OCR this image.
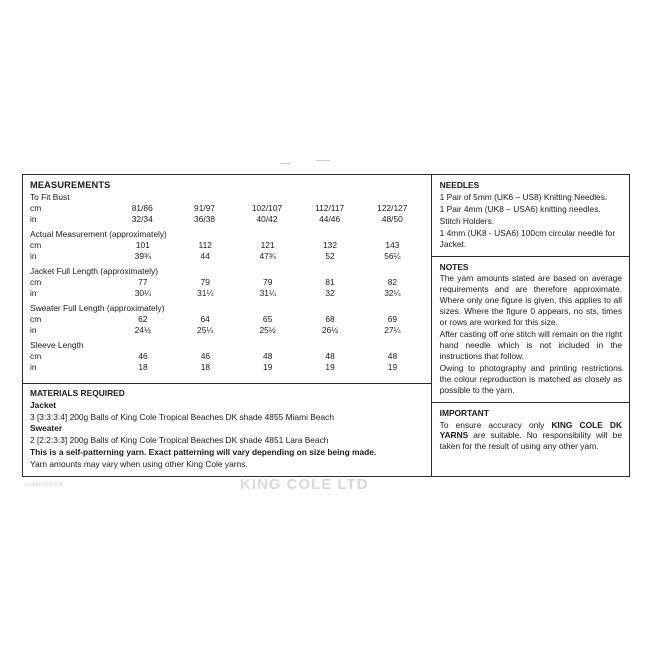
MEASUREMENTS
To Fit Bust
cm	81/86	91/97	102/107	112/117	122/127
in	32/34	36/38	40/42	44/46	48/50
Actual Measurement (approximately)
cm	101	112	121	132	143
in	39¾	44	47¾	52	56¼
Jacket Full Length (approximately)
cm	77	79	79	81	82
in	30¼	31¼	31¼	32	32¼
Sweater Full Length (approximately)
cm	62	64	65	68	69
in	24½	25¼	25½	26½	27¼
Sleeve Length
cm	46	46	48	48	48
in	18	18	19	19	19

MATERIALS REQUIRED

Jacket

3 [3:3:3:4] 200g Balls of King Cole Tropical Beaches DK shade 4855 Miami Beach

Sweater

2 [2:2:3:3] 200g Balls of King Cole Tropical Beaches DK shade 4851 Lara Beach

This is a self-patterning yarn. Exact patterning will vary depending on size being made.

Yarn amounts may vary when using other King Cole yarns.

NEEDLES

1 Pair of 5mm (UK6 – US8) Knitting Needles.

1 Pair 4mm (UK8 – USA6) knitting needles.

Stitch Holders.

1 4mm (UK8 - USA6) 100cm circular needle for Jacket.

NOTES

The yarn amounts stated are based on average requirements and are therefore approximate. Where only one figure is given, this applies to all sizes. Where the figure 0 appears, no sts, times or rows are worked for this size.

After casting off one stitch will remain on the right hand needle which is not included in the instructions that follow.

Owing to photography and printing restrictions the colour reproduction is matched as closely as possible to the yarn.

IMPORTANT

To ensure accuracy only KING COLE DK YARNS are suitable. No responsibility will be taken for the result of using any other yarn.

KING COLE LTD
Leaflet 5003-d
